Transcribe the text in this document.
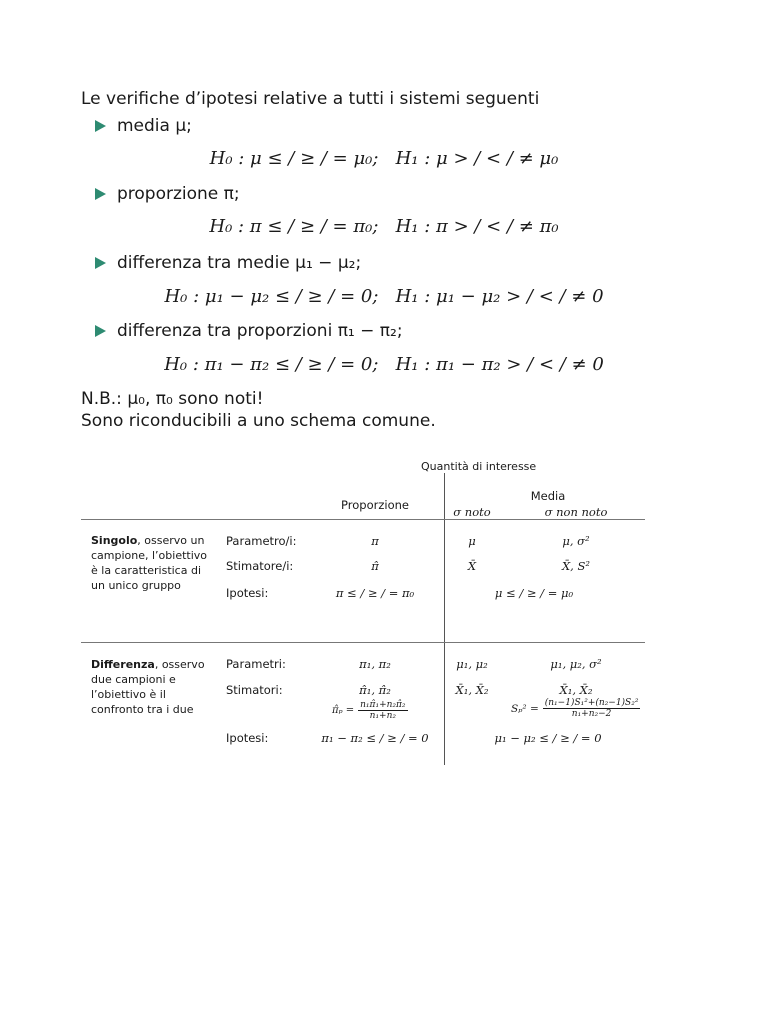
Le verifiche d’ipotesi relative a tutti i sistemi seguenti
media μ;
H₀ : μ ≤ / ≥ / = μ₀;   H₁ : μ > / < / ≠ μ₀
proporzione π;
H₀ : π ≤ / ≥ / = π₀;   H₁ : π > / < / ≠ π₀
differenza tra medie μ₁ − μ₂;
H₀ : μ₁ − μ₂ ≤ / ≥ / = 0;   H₁ : μ₁ − μ₂ > / < / ≠ 0
differenza tra proporzioni π₁ − π₂;
H₀ : π₁ − π₂ ≤ / ≥ / = 0;   H₁ : π₁ − π₂ > / < / ≠ 0
N.B.: μ₀, π₀ sono noti!
Sono riconducibili a uno schema comune.
Quantità di interesse
Proporzione
Media
σ noto	σ non noto
Singolo, osservo un campione, l’obiettivo è la caratteristica di un unico gruppo
Parametro/i:
Stimatore/i:
Ipotesi:
π
π̂
π ≤ / ≥ / = π₀
μ
X̄
μ, σ²
X̄, S²
μ ≤ / ≥ / = μ₀
Differenza, osservo due campioni e l’obiettivo è il confronto tra i due
Parametri:
Stimatori:
Ipotesi:
π₁, π₂
π̂₁, π̂₂
π̂ₚ = $\frac{\text{n₁π̂₁+n₂π̂₂}}{\text{n₁+n₂}}$
π₁ − π₂ ≤ / ≥ / = 0
μ₁, μ₂
X̄₁, X̄₂
μ₁, μ₂, σ²
X̄₁, X̄₂
$S_p^2 = \frac{\text{(n₁−1)S₁²+(n₂−1)S₂²}}{\text{n₁+n₂−2}}$
μ₁ − μ₂ ≤ / ≥ / = 0
